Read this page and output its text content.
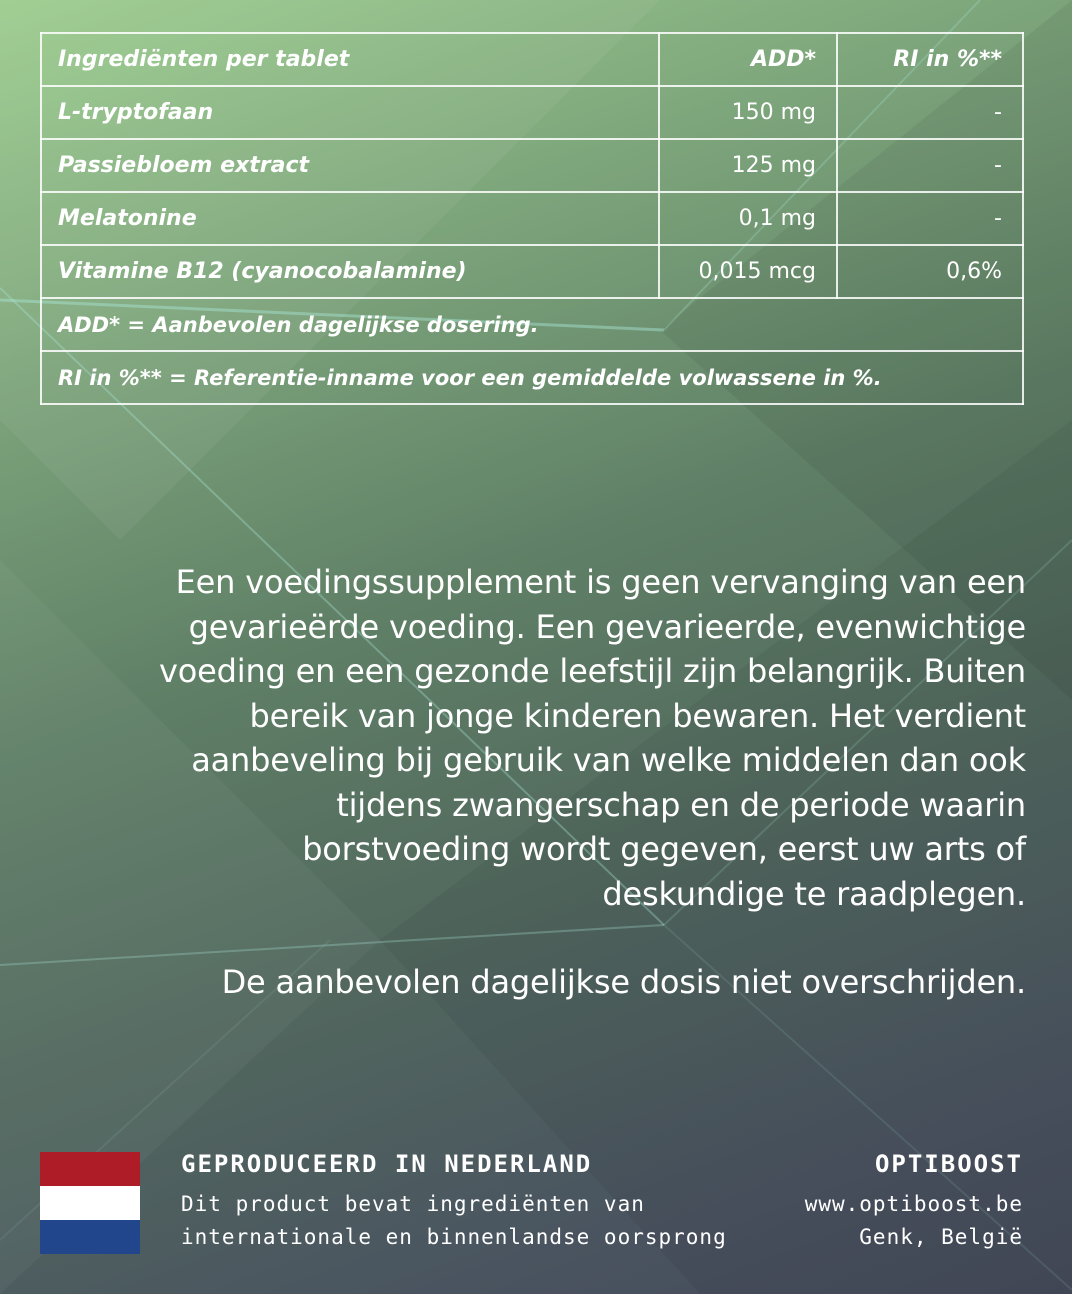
Ingrediënten per tablet	ADD*	RI in %**
L-tryptofaan	150 mg	-
Passiebloem extract	125 mg	-
Melatonine	0,1 mg	-
Vitamine B12 (cyanocobalamine)	0,015 mcg	0,6%
ADD* = Aanbevolen dagelijkse dosering.		
RI in %** = Referentie-inname voor een gemiddelde volwassene in %.		

Een voedingssupplement is geen vervanging van een
gevarieërde voeding. Een gevarieerde, evenwichtige
voeding en een gezonde leefstijl zijn belangrijk. Buiten
bereik van jonge kinderen bewaren. Het verdient
aanbeveling bij gebruik van welke middelen dan ook
tijdens zwangerschap en de periode waarin
borstvoeding wordt gegeven, eerst uw arts of
deskundige te raadplegen.

De aanbevolen dagelijkse dosis niet overschrijden.

GEPRODUCEERD IN NEDERLAND
Dit product bevat ingrediënten van
internationale en binnenlandse oorsprong
OPTIBOOST
www.optiboost.be
Genk, België
